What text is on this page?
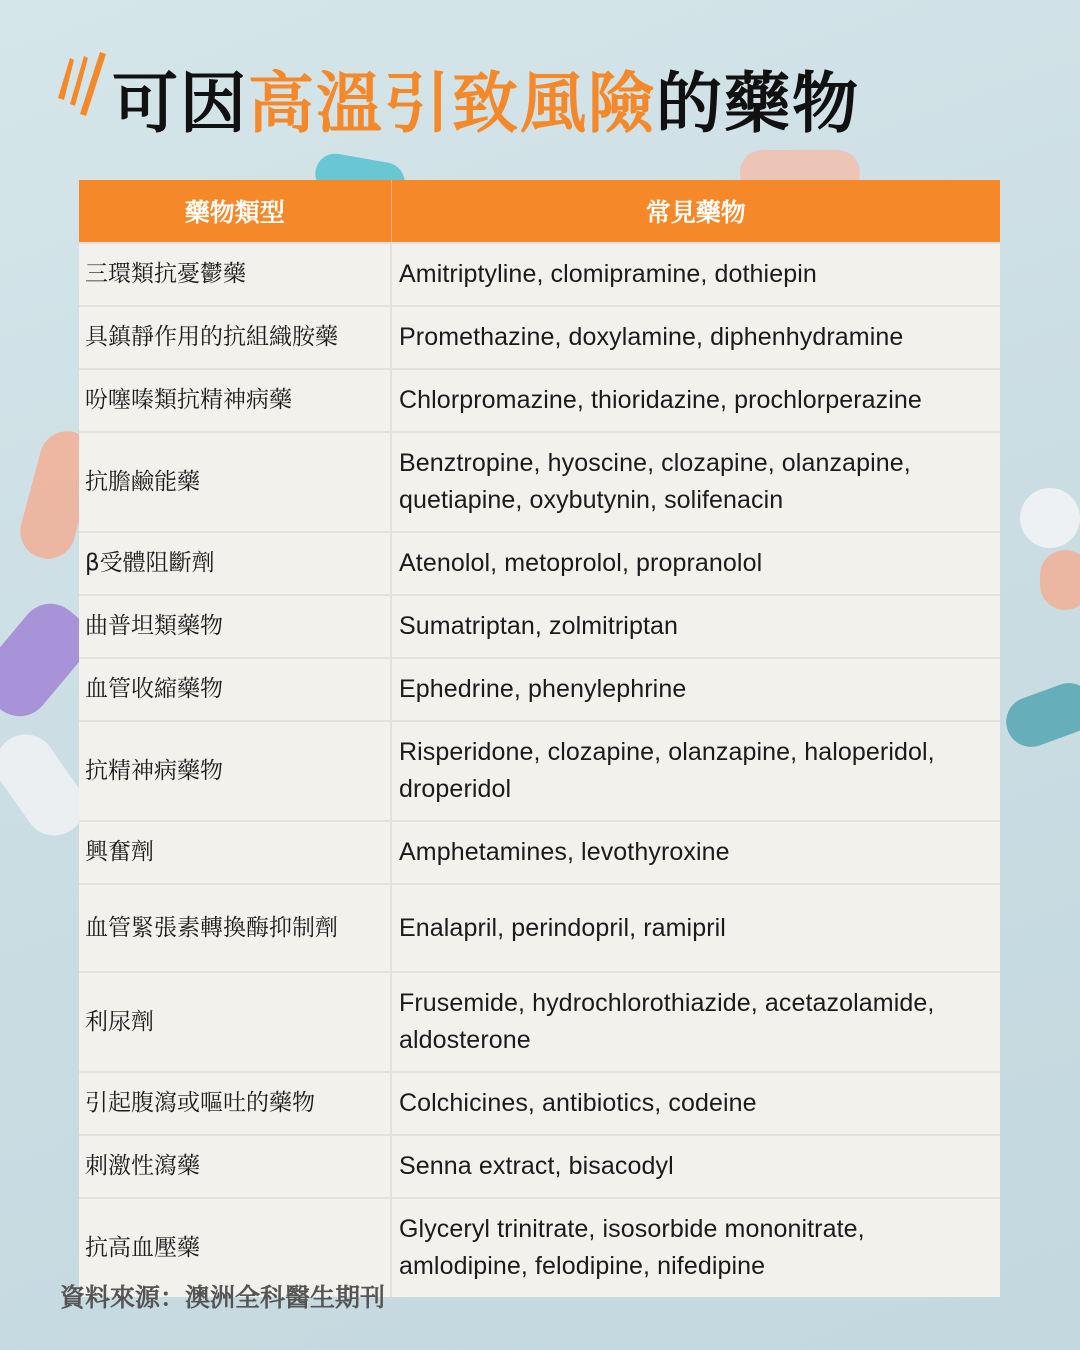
可因高溫引致風險的藥物
藥物類型	常見藥物
三環類抗憂鬱藥	Amitriptyline, clomipramine, dothiepin
具鎮靜作用的抗組織胺藥	Promethazine, doxylamine, diphenhydramine
吩噻嗪類抗精神病藥	Chlorpromazine, thioridazine, prochlorperazine
抗膽鹼能藥	Benztropine, hyoscine, clozapine, olanzapine, quetiapine, oxybutynin, solifenacin
β受體阻斷劑	Atenolol, metoprolol, propranolol
曲普坦類藥物	Sumatriptan, zolmitriptan
血管收縮藥物	Ephedrine, phenylephrine
抗精神病藥物	Risperidone, clozapine, olanzapine, haloperidol, droperidol
興奮劑	Amphetamines, levothyroxine
血管緊張素轉換酶抑制劑	Enalapril, perindopril, ramipril
利尿劑	Frusemide, hydrochlorothiazide, acetazolamide, aldosterone
引起腹瀉或嘔吐的藥物	Colchicines, antibiotics, codeine
刺激性瀉藥	Senna extract, bisacodyl
抗高血壓藥	Glyceryl trinitrate, isosorbide mononitrate, amlodipine, felodipine, nifedipine
資料來源：澳洲全科醫生期刊
